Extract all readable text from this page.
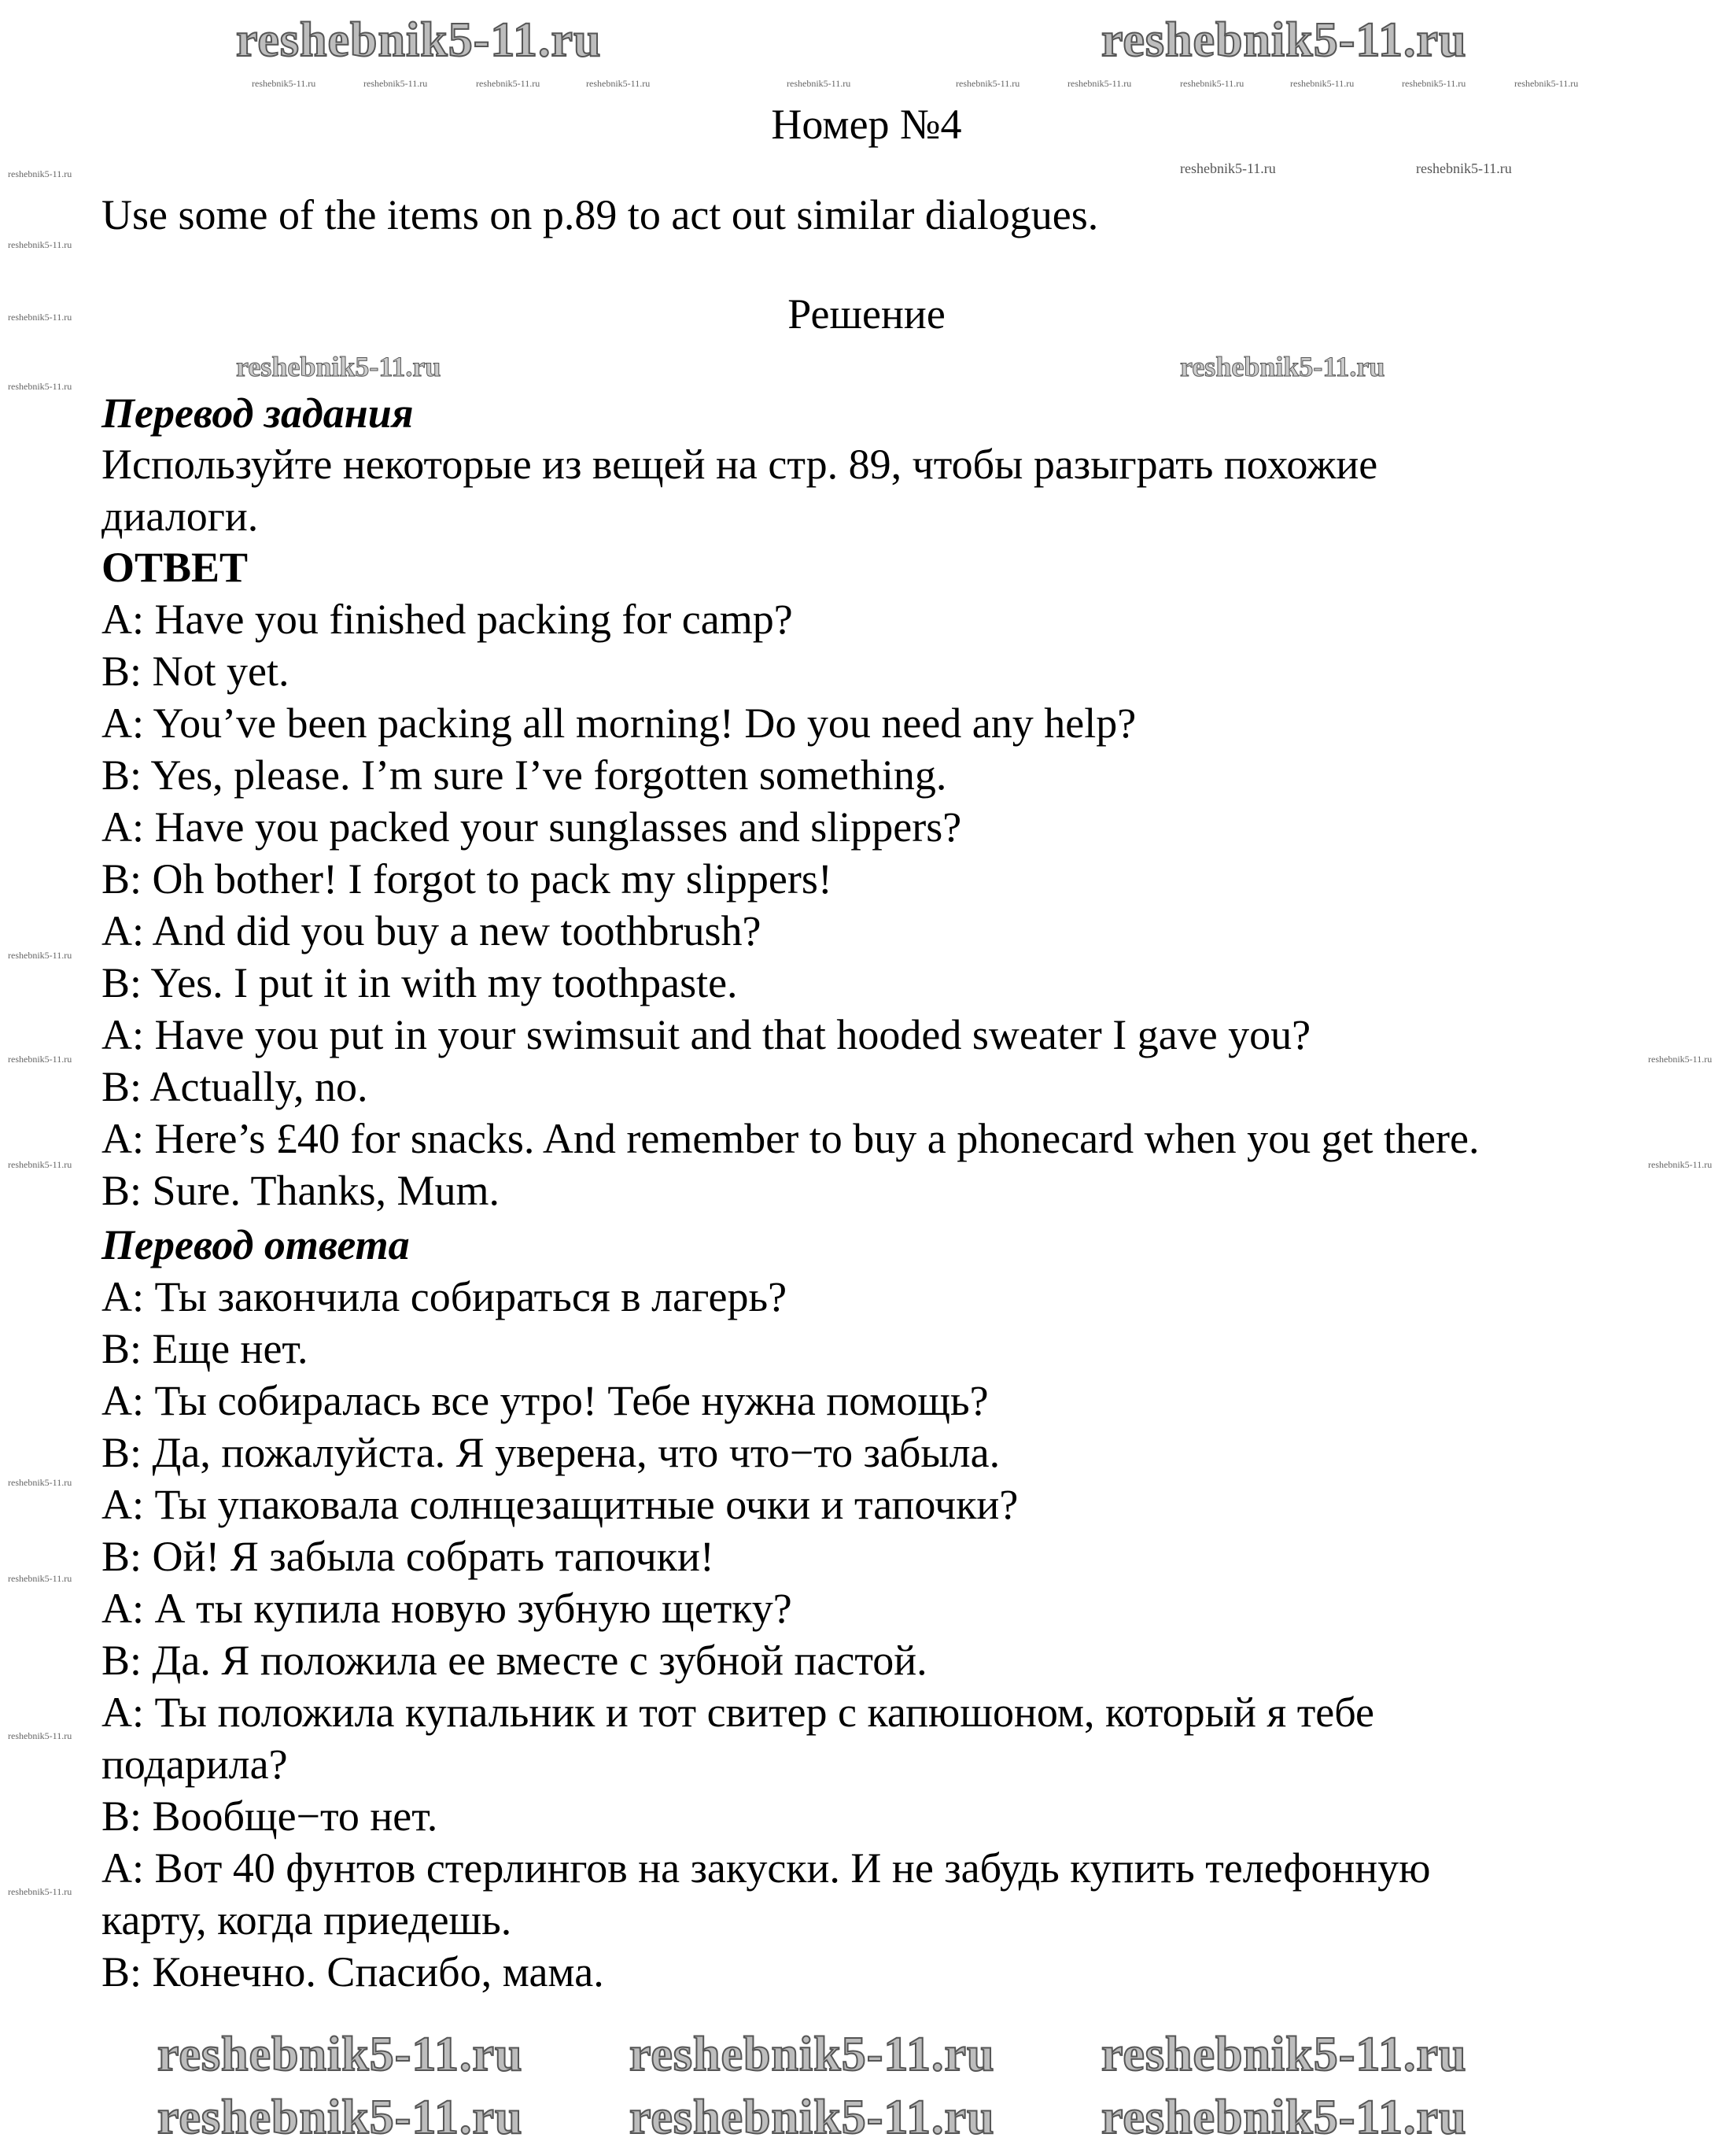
Номер №4
Use some of the items on p.89 to act out similar dialogues.
Решение
Перевод задания
Используйте некоторые из вещей на стр. 89, чтобы разыграть похожие
диалоги.
ОТВЕТ
A: Have you finished packing for camp?
B: Not yet.
A: You’ve been packing all morning! Do you need any help?
B: Yes, please. I’m sure I’ve forgotten something.
A: Have you packed your sunglasses and slippers?
B: Oh bother! I forgot to pack my slippers!
A: And did you buy a new toothbrush?
B: Yes. I put it in with my toothpaste.
A: Have you put in your swimsuit and that hooded sweater I gave you?
B: Actually, no.
A: Here’s £40 for snacks. And remember to buy a phonecard when you get there.
B: Sure. Thanks, Mum.
Перевод ответа
A: Ты закончила собираться в лагерь?
B: Еще нет.
A: Ты собиралась все утро! Тебе нужна помощь?
B: Да, пожалуйста. Я уверена, что что−то забыла.
A: Ты упаковала солнцезащитные очки и тапочки?
B: Ой! Я забыла собрать тапочки!
A: А ты купила новую зубную щетку?
B: Да. Я положила ее вместе с зубной пастой.
A: Ты положила купальник и тот свитер с капюшоном, который я тебе
подарила?
B: Вообще−то нет.
A: Вот 40 фунтов стерлингов на закуски. И не забудь купить телефонную
карту, когда приедешь.
B: Конечно. Спасибо, мама.
reshebnik5-11.ru	reshebnik5-11.ru
reshebnik5-11.ru reshebnik5-11.ru reshebnik5-11.ru
reshebnik5-11.ru reshebnik5-11.ru reshebnik5-11.ru
reshebnik5-11.ru	reshebnik5-11.ru
reshebnik5-11.ru	reshebnik5-11.ru
reshebnik5-11.ru
reshebnik5-11.ru
reshebnik5-11.ru
reshebnik5-11.ru
reshebnik5-11.ru
reshebnik5-11.ru	reshebnik5-11.ru
reshebnik5-11.ru	reshebnik5-11.ru
reshebnik5-11.ru
reshebnik5-11.ru
reshebnik5-11.ru
reshebnik5-11.ru
reshebnik5-11.ru	reshebnik5-11.ru	reshebnik5-11.ru	reshebnik5-11.ru	reshebnik5-11.ru	reshebnik5-11.ru	reshebnik5-11.ru	reshebnik5-11.ru	reshebnik5-11.ru	reshebnik5-11.ru	reshebnik5-11.ru
